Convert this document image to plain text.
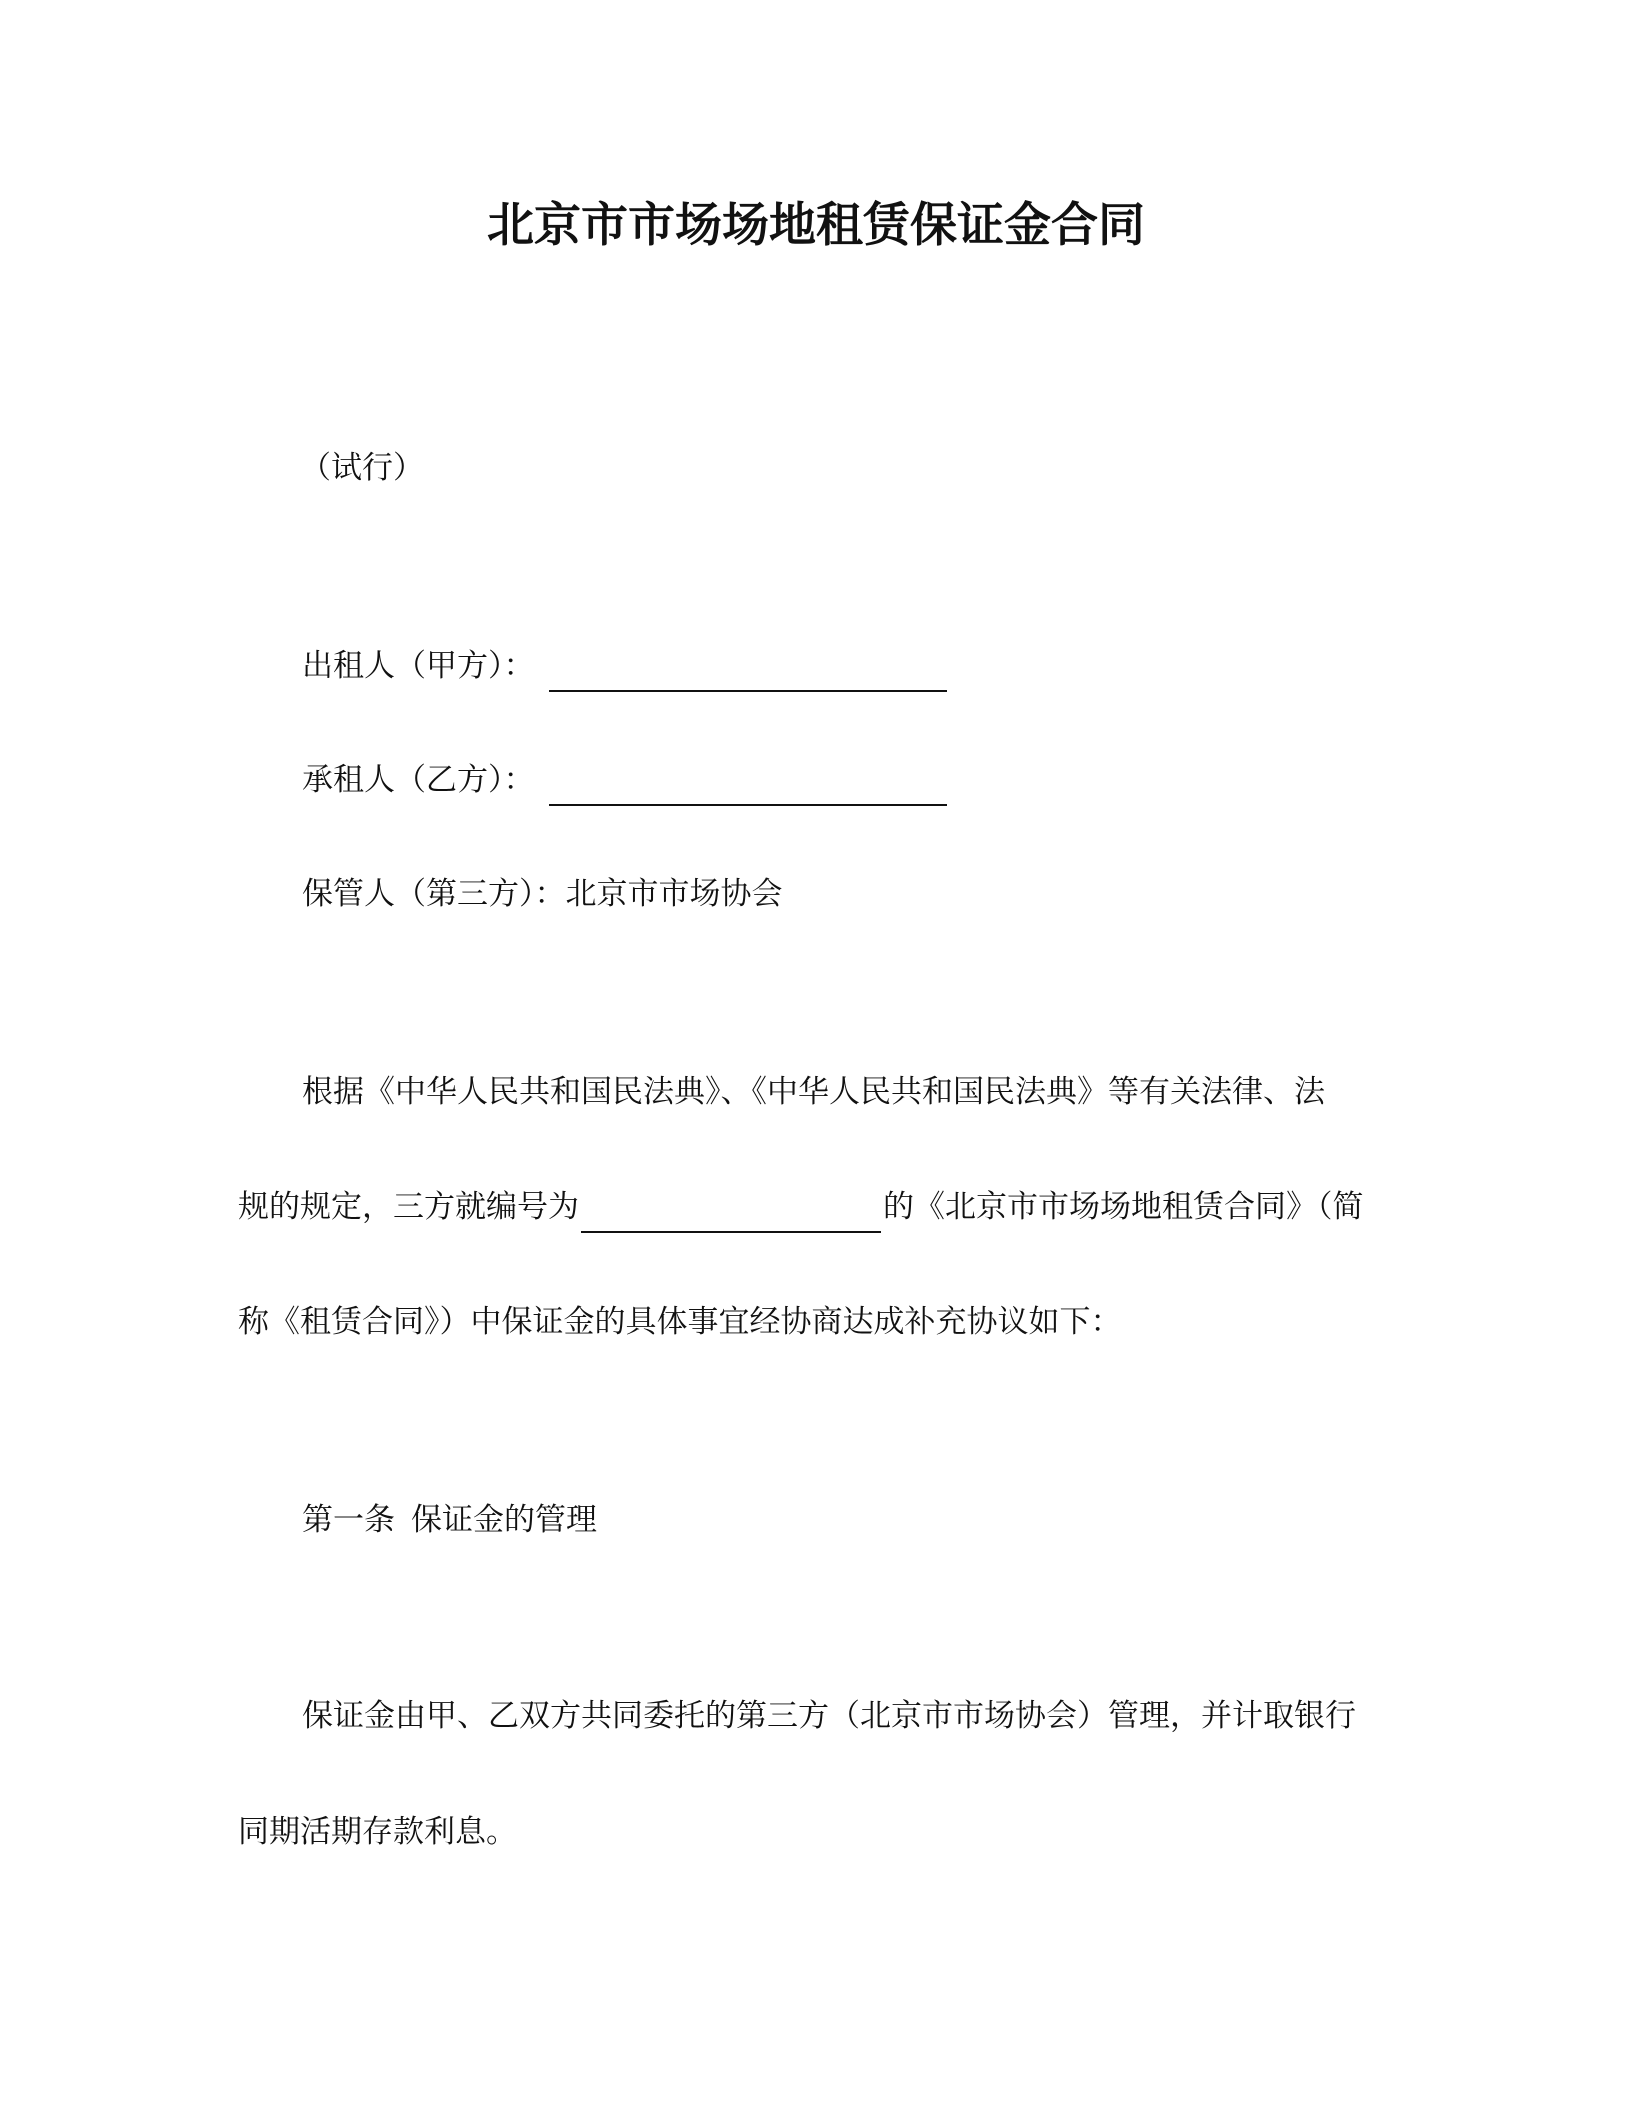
北京市市场场地租赁保证金合同
（试行）
出租人（甲方）：
承租人（乙方）：
保管人（第三方）： 北京市市场协会
根据《中华人民共和国民法典》、《中华人民共和国民法典》等有关法律、法
规的规定，三方就编号为	的《北京市市场场地租赁合同》（简
称《租赁合同》）中保证金的具体事宜经协商达成补充协议如下：
第一条 保证金的管理
保证金由甲、乙双方共同委托的第三方（北京市市场协会）管理，并计取银行
同期活期存款利息。
